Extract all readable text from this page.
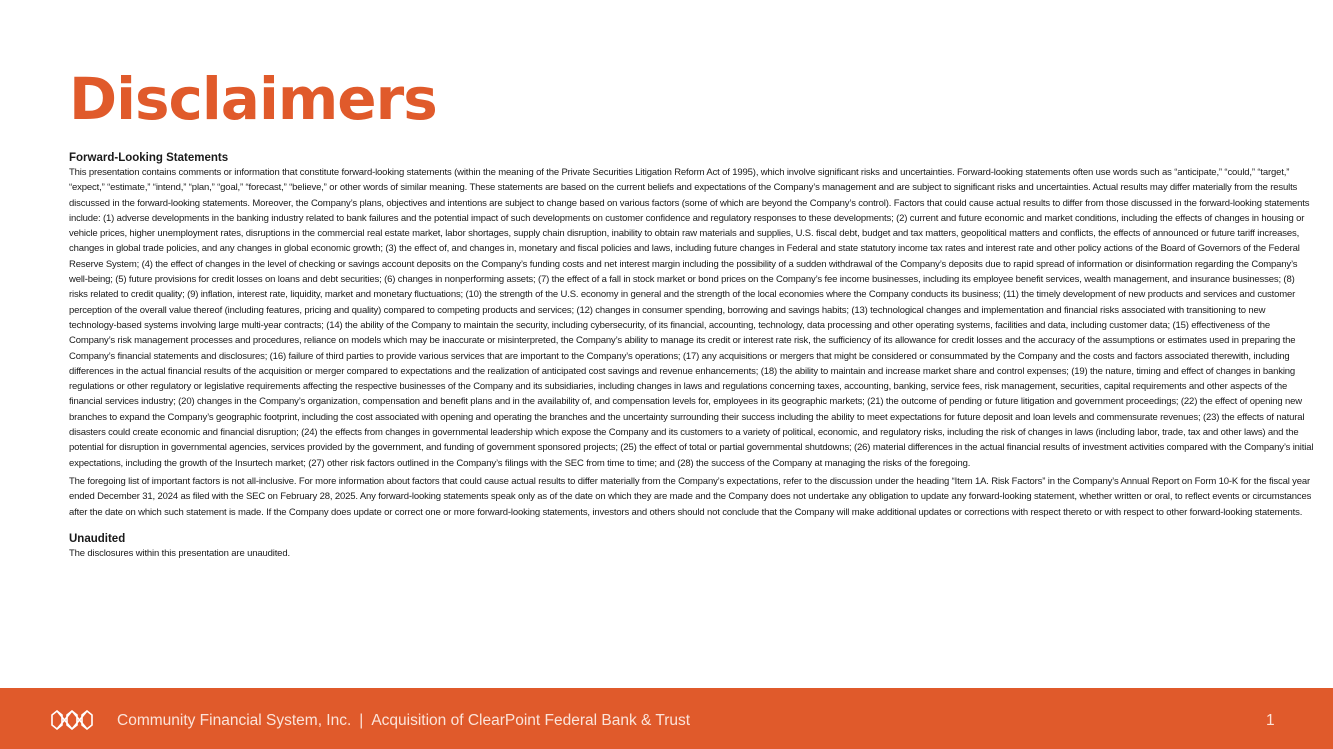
Disclaimers
Forward-Looking Statements

This presentation contains comments or information that constitute forward-looking statements (within the meaning of the Private Securities Litigation Reform Act of 1995), which involve significant risks and uncertainties. Forward-looking statements often use words such as “anticipate,” “could,” “target,” “expect,” “estimate,” “intend,” “plan,” “goal,” “forecast,” “believe,” or other words of similar meaning. These statements are based on the current beliefs and expectations of the Company’s management and are subject to significant risks and uncertainties. Actual results may differ materially from the results discussed in the forward-looking statements. Moreover, the Company’s plans, objectives and intentions are subject to change based on various factors (some of which are beyond the Company’s control). Factors that could cause actual results to differ from those discussed in the forward-looking statements include: (1) adverse developments in the banking industry related to bank failures and the potential impact of such developments on customer confidence and regulatory responses to these developments; (2) current and future economic and market conditions, including the effects of changes in housing or vehicle prices, higher unemployment rates, disruptions in the commercial real estate market, labor shortages, supply chain disruption, inability to obtain raw materials and supplies, U.S. fiscal debt, budget and tax matters, geopolitical matters and conflicts, the effects of announced or future tariff increases, changes in global trade policies, and any changes in global economic growth; (3) the effect of, and changes in, monetary and fiscal policies and laws, including future changes in Federal and state statutory income tax rates and interest rate and other policy actions of the Board of Governors of the Federal Reserve System; (4) the effect of changes in the level of checking or savings account deposits on the Company’s funding costs and net interest margin including the possibility of a sudden withdrawal of the Company’s deposits due to rapid spread of information or disinformation regarding the Company’s well-being; (5) future provisions for credit losses on loans and debt securities; (6) changes in nonperforming assets; (7) the effect of a fall in stock market or bond prices on the Company’s fee income businesses, including its employee benefit services, wealth management, and insurance businesses; (8) risks related to credit quality; (9) inflation, interest rate, liquidity, market and monetary fluctuations; (10) the strength of the U.S. economy in general and the strength of the local economies where the Company conducts its business; (11) the timely development of new products and services and customer perception of the overall value thereof (including features, pricing and quality) compared to competing products and services; (12) changes in consumer spending, borrowing and savings habits; (13) technological changes and implementation and financial risks associated with transitioning to new technology-based systems involving large multi-year contracts; (14) the ability of the Company to maintain the security, including cybersecurity, of its financial, accounting, technology, data processing and other operating systems, facilities and data, including customer data; (15) effectiveness of the Company’s risk management processes and procedures, reliance on models which may be inaccurate or misinterpreted, the Company’s ability to manage its credit or interest rate risk, the sufficiency of its allowance for credit losses and the accuracy of the assumptions or estimates used in preparing the Company’s financial statements and disclosures; (16) failure of third parties to provide various services that are important to the Company’s operations; (17) any acquisitions or mergers that might be considered or consummated by the Company and the costs and factors associated therewith, including differences in the actual financial results of the acquisition or merger compared to expectations and the realization of anticipated cost savings and revenue enhancements; (18) the ability to maintain and increase market share and control expenses; (19) the nature, timing and effect of changes in banking regulations or other regulatory or legislative requirements affecting the respective businesses of the Company and its subsidiaries, including changes in laws and regulations concerning taxes, accounting, banking, service fees, risk management, securities, capital requirements and other aspects of the financial services industry; (20) changes in the Company’s organization, compensation and benefit plans and in the availability of, and compensation levels for, employees in its geographic markets; (21) the outcome of pending or future litigation and government proceedings; (22) the effect of opening new branches to expand the Company’s geographic footprint, including the cost associated with opening and operating the branches and the uncertainty surrounding their success including the ability to meet expectations for future deposit and loan levels and commensurate revenues; (23) the effects of natural disasters could create economic and financial disruption; (24) the effects from changes in governmental leadership which expose the Company and its customers to a variety of political, economic, and regulatory risks, including the risk of changes in laws (including labor, trade, tax and other laws) and the potential for disruption in governmental agencies, services provided by the government, and funding of government sponsored projects; (25) the effect of total or partial governmental shutdowns; (26) material differences in the actual financial results of investment activities compared with the Company’s initial expectations, including the growth of the Insurtech market; (27) other risk factors outlined in the Company’s filings with the SEC from time to time; and (28) the success of the Company at managing the risks of the foregoing.

The foregoing list of important factors is not all-inclusive. For more information about factors that could cause actual results to differ materially from the Company’s expectations, refer to the discussion under the heading “Item 1A. Risk Factors” in the Company’s Annual Report on Form 10-K for the fiscal year ended December 31, 2024 as filed with the SEC on February 28, 2025. Any forward-looking statements speak only as of the date on which they are made and the Company does not undertake any obligation to update any forward-looking statement, whether written or oral, to reflect events or circumstances after the date on which such statement is made. If the Company does update or correct one or more forward-looking statements, investors and others should not conclude that the Company will make additional updates or corrections with respect thereto or with respect to other forward-looking statements.

Unaudited

The disclosures within this presentation are unaudited.

Community Financial System, Inc. | Acquisition of ClearPoint Federal Bank & Trust	1
